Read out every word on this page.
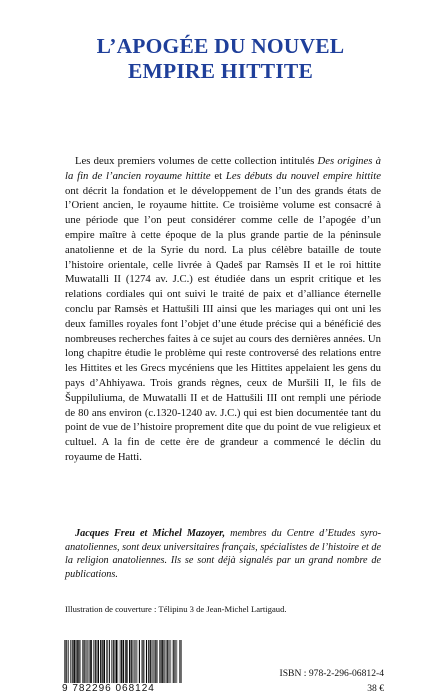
L’APOGÉE DU NOUVEL
EMPIRE HITTITE

Les deux premiers volumes de cette collection intitulés Des origines à la fin de l’ancien royaume hittite et Les débuts du nouvel empire hittite ont décrit la fondation et le développement de l’un des grands états de l’Orient ancien, le royaume hittite. Ce troisième volume est consacré à une période que l’on peut considérer comme celle de l’apogée d’un empire maître à cette époque de la plus grande partie de la péninsule anatolienne et de la Syrie du nord. La plus célèbre bataille de toute l’histoire orientale, celle livrée à Qadeš par Ramsès II et le roi hittite Muwatalli II (1274 av. J.C.) est étudiée dans un esprit critique et les relations cordiales qui ont suivi le traité de paix et d’alliance éternelle conclu par Ramsès et Hattušili III ainsi que les mariages qui ont uni les deux familles royales font l’objet d’une étude précise qui a bénéficié des nombreuses recherches faites à ce sujet au cours des dernières années. Un long chapitre étudie le problème qui reste controversé des relations entre les Hittites et les Grecs mycéniens que les Hittites appelaient les gens du pays d’Ahhiyawa. Trois grands règnes, ceux de Muršili II, le fils de Šuppiluliuma, de Muwatalli II et de Hattušili III ont rempli une période de 80 ans environ (c.1320-1240 av. J.C.) qui est bien documentée tant du point de vue de l’histoire proprement dite que du point de vue religieux et cultuel. A la fin de cette ère de grandeur a commencé le déclin du royaume de Hatti.

Jacques Freu et Michel Mazoyer, membres du Centre d’Etudes syro-anatoliennes, sont deux universitaires français, spécialistes de l’histoire et de la religion anatoliennes. Ils se sont déjà signalés par un grand nombre de publications.

Illustration de couverture : Télipinu 3 de Jean-Michel Lartigaud.
9 782296 068124
ISBN : 978-2-296-06812-4
38 €
